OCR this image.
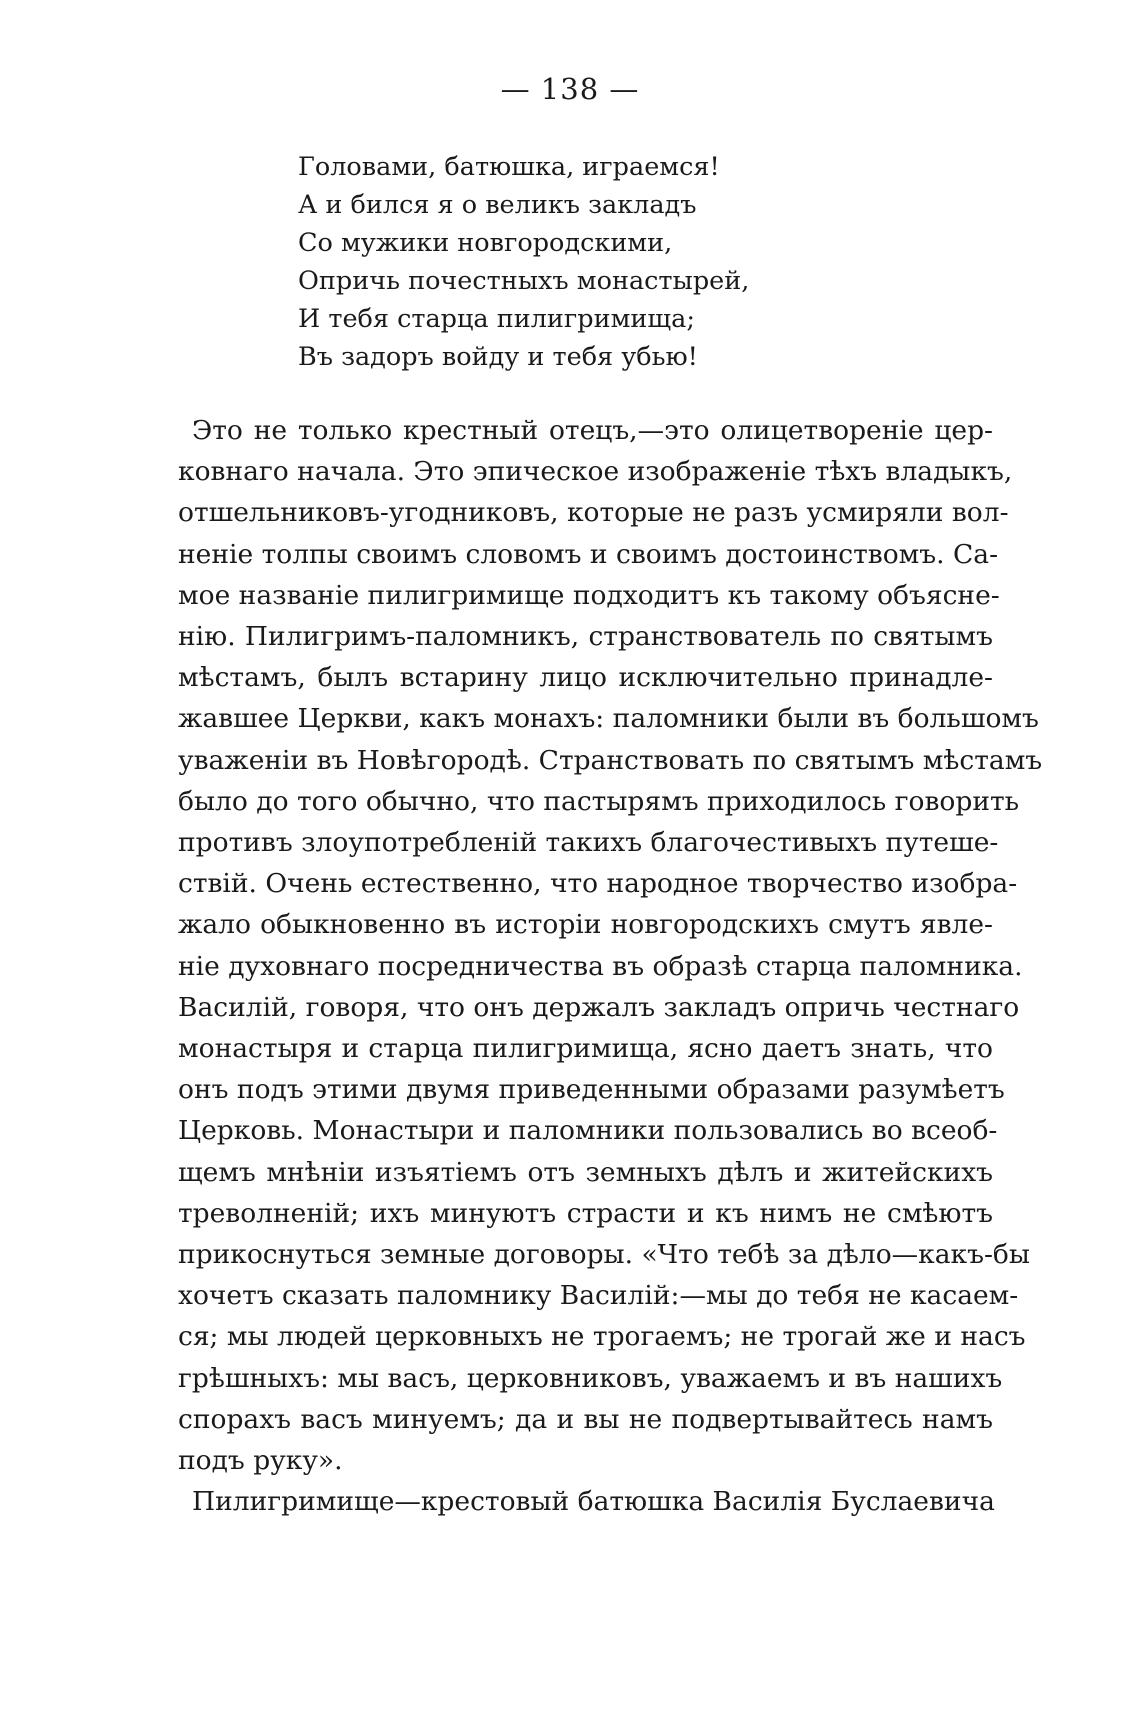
— 138 —
Головами, батюшка, играемся!
А и бился я о великъ закладъ
Со мужики новгородскими,
Опричь почестныхъ монастырей,
И тебя старца пилигримища;
Въ задоръ войду и тебя убью!
Это не только крестный отецъ,—это олицетвореніе цер-
ковнаго начала. Это эпическое изображеніе тѣхъ владыкъ,
отшельниковъ-угодниковъ, которые не разъ усмиряли вол-
неніе толпы своимъ словомъ и своимъ достоинствомъ. Са-
мое названіе пилигримище подходитъ къ такому объясне-
нію. Пилигримъ-паломникъ, странствователь по святымъ
мѣстамъ, былъ встарину лицо исключительно принадле-
жавшее Церкви, какъ монахъ: паломники были въ большомъ
уваженіи въ Новѣгородѣ. Странствовать по святымъ мѣстамъ
было до того обычно, что пастырямъ приходилось говорить
противъ злоупотребленій такихъ благочестивыхъ путеше-
ствій. Очень естественно, что народное творчество изобра-
жало обыкновенно въ исторіи новгородскихъ смутъ явле-
ніе духовнаго посредничества въ образѣ старца паломника.
Василій, говоря, что онъ держалъ закладъ опричь честнаго
монастыря и старца пилигримища, ясно даетъ знать, что
онъ подъ этими двумя приведенными образами разумѣетъ
Церковь. Монастыри и паломники пользовались во всеоб-
щемъ мнѣніи изъятіемъ отъ земныхъ дѣлъ и житейскихъ
треволненій; ихъ минуютъ страсти и къ нимъ не смѣютъ
прикоснуться земные договоры. «Что тебѣ за дѣло—какъ-бы
хочетъ сказать паломнику Василій:—мы до тебя не касаем-
ся; мы людей церковныхъ не трогаемъ; не трогай же и насъ
грѣшныхъ: мы васъ, церковниковъ, уважаемъ и въ нашихъ
спорахъ васъ минуемъ; да и вы не подвертывайтесь намъ
подъ руку».
Пилигримище—крестовый батюшка Василія Буслаевича
